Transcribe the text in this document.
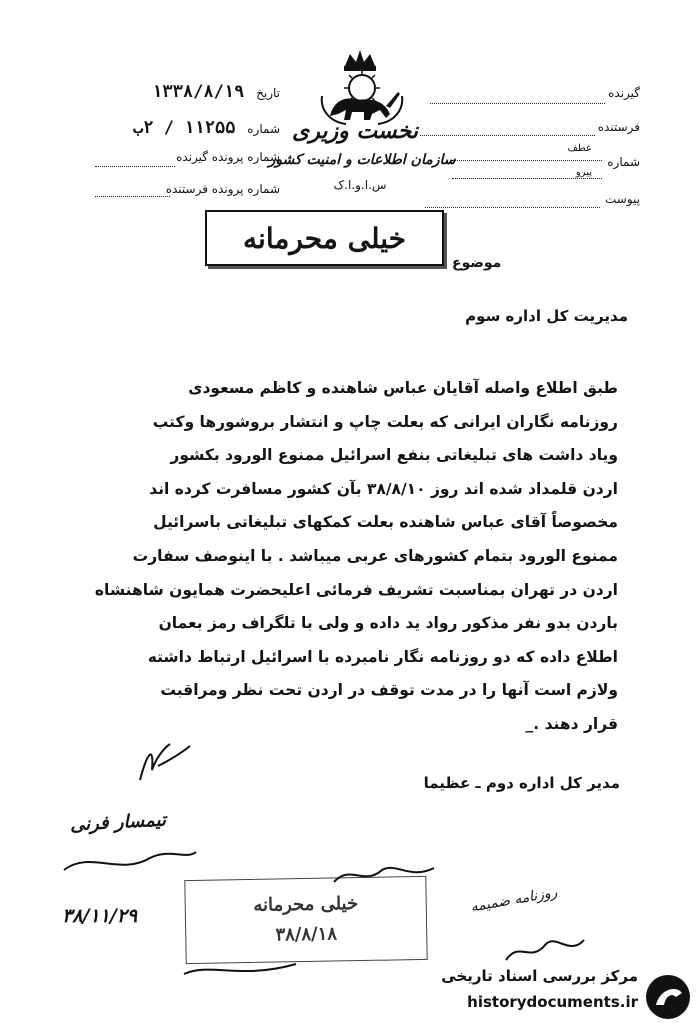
گیرنده
فرستنده
شماره
عطف
پیرو
پیوست
تاریخ ۱۳۳۸/۸/۱۹
شماره ۱۱۲۵۵ / ۲ب
شماره پرونده گیرنده
شماره پرونده فرستنده
نخست وزیری
سازمان اطلاعات و امنیت کشور
س.ا.و.ا.ک
خیلی محرمانه
موضوع
مدیریت کل اداره سوم
طبق اطلاع واصله آقایان عباس شاهنده و کاظم مسعودی
روزنامه نگاران ایرانی که بعلت چاپ و انتشار بروشورها وکتب
وياد داشت های تبلیغاتی بنفع اسرائیل ممنوع الورود بکشور
اردن قلمداد شده اند روز ۳۸/۸/۱۰ بآن کشور مسافرت کرده اند
مخصوصاً آقای عباس شاهنده بعلت کمکهای تبلیغاتی باسرائیل
ممنوع الورود بتمام کشورهای عربی میباشد . با اینوصف سفارت
اردن در تهران بمناسبت تشریف فرمائی اعلیحضرت همایون شاهنشاه
باردن بدو نفر مذکور رواد ید داده و ولی با تلگراف رمز بعمان
اطلاع داده که دو روزنامه نگار نامبرده با اسرائیل ارتباط داشته
ولازم است آنها را در مدت توقف در اردن تحت نظر ومراقبت
قرار دهند ._
مدیر کل اداره دوم ـ عظیما
تیمسار فرنی
۳۸/۱۱/۲۹
خیلی محرمانه
۳۸/۸/۱۸
روزنامه ضمیمه
مرکز بررسی اسناد تاریخی
historydocuments.ir
